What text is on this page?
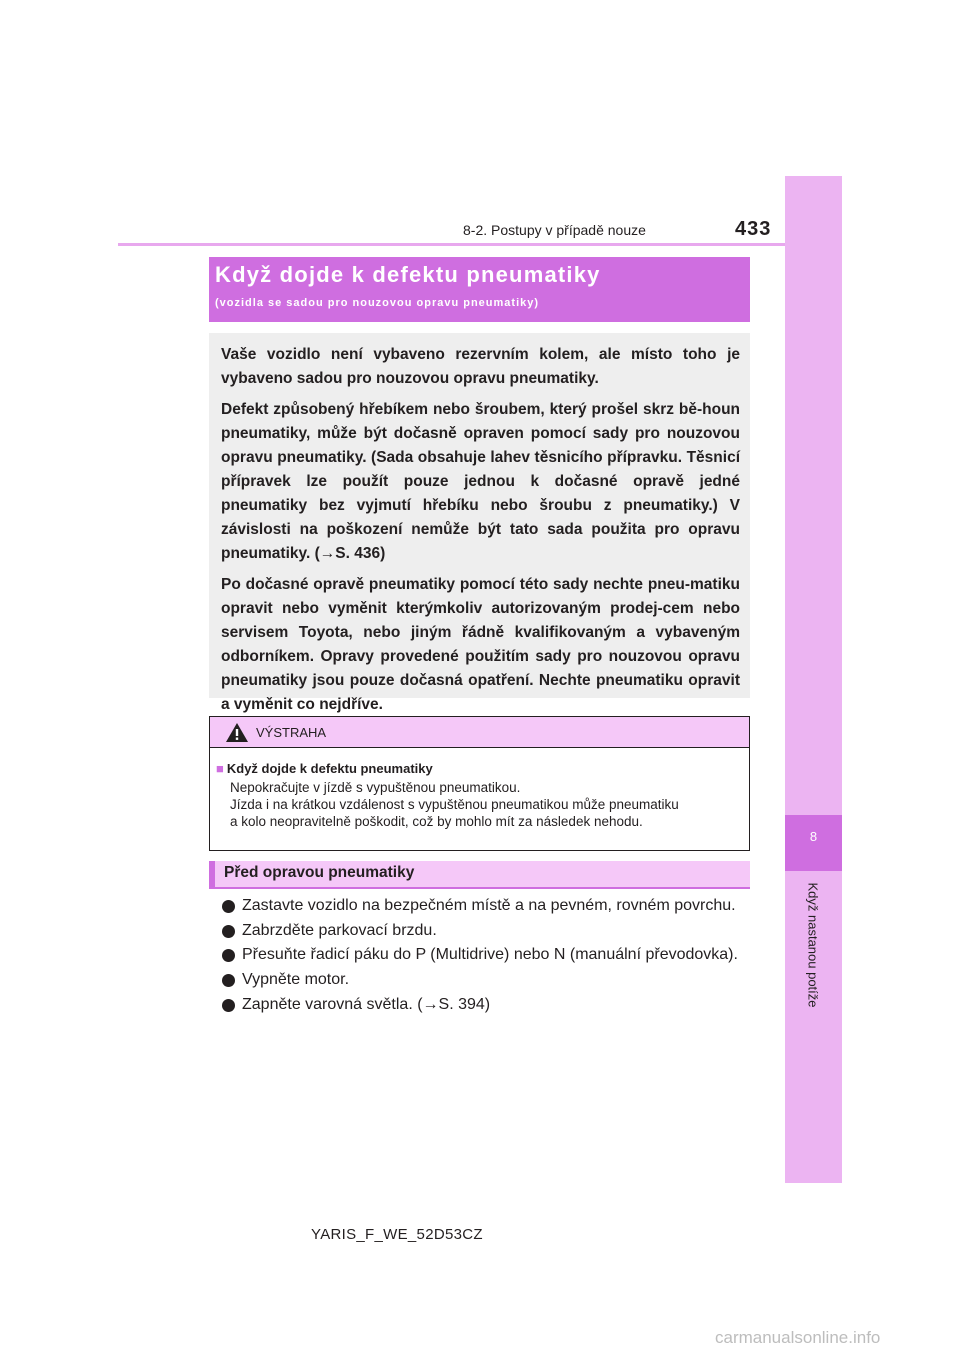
8-2. Postupy v případě nouze	433
8
Když nastanou potíže
Když dojde k defektu pneumatiky
(vozidla se sadou pro nouzovou opravu pneumatiky)

Vaše vozidlo není vybaveno rezervním kolem, ale místo toho je vybaveno sadou pro nouzovou opravu pneumatiky.

Defekt způsobený hřebíkem nebo šroubem, který prošel skrz bě-houn pneumatiky, může být dočasně opraven pomocí sady pro nouzovou opravu pneumatiky. (Sada obsahuje lahev těsnicího přípravku. Těsnicí přípravek lze použít pouze jednou k dočasné opravě jedné pneumatiky bez vyjmutí hřebíku nebo šroubu z pneumatiky.) V závislosti na poškození nemůže být tato sada použita pro opravu pneumatiky. (→S. 436)

Po dočasné opravě pneumatiky pomocí této sady nechte pneu-matiku opravit nebo vyměnit kterýmkoliv autorizovaným prodej-cem nebo servisem Toyota, nebo jiným řádně kvalifikovaným a vybaveným odborníkem. Opravy provedené použitím sady pro nouzovou opravu pneumatiky jsou pouze dočasná opatření. Nechte pneumatiku opravit a vyměnit co nejdříve.

VÝSTRAHA
■ Když dojde k defektu pneumatiky
Nepokračujte v jízdě s vypuštěnou pneumatikou.
Jízda i na krátkou vzdálenost s vypuštěnou pneumatikou může pneumatiku
a kolo neopravitelně poškodit, což by mohlo mít za následek nehodu.
Před opravou pneumatiky
Zastavte vozidlo na bezpečném místě a na pevném, rovném povrchu.
Zabrzděte parkovací brzdu.
Přesuňte řadicí páku do P (Multidrive) nebo N (manuální převodovka).
Vypněte motor.
Zapněte varovná světla. (→S. 394)
YARIS_F_WE_52D53CZ
carmanualsonline.info
